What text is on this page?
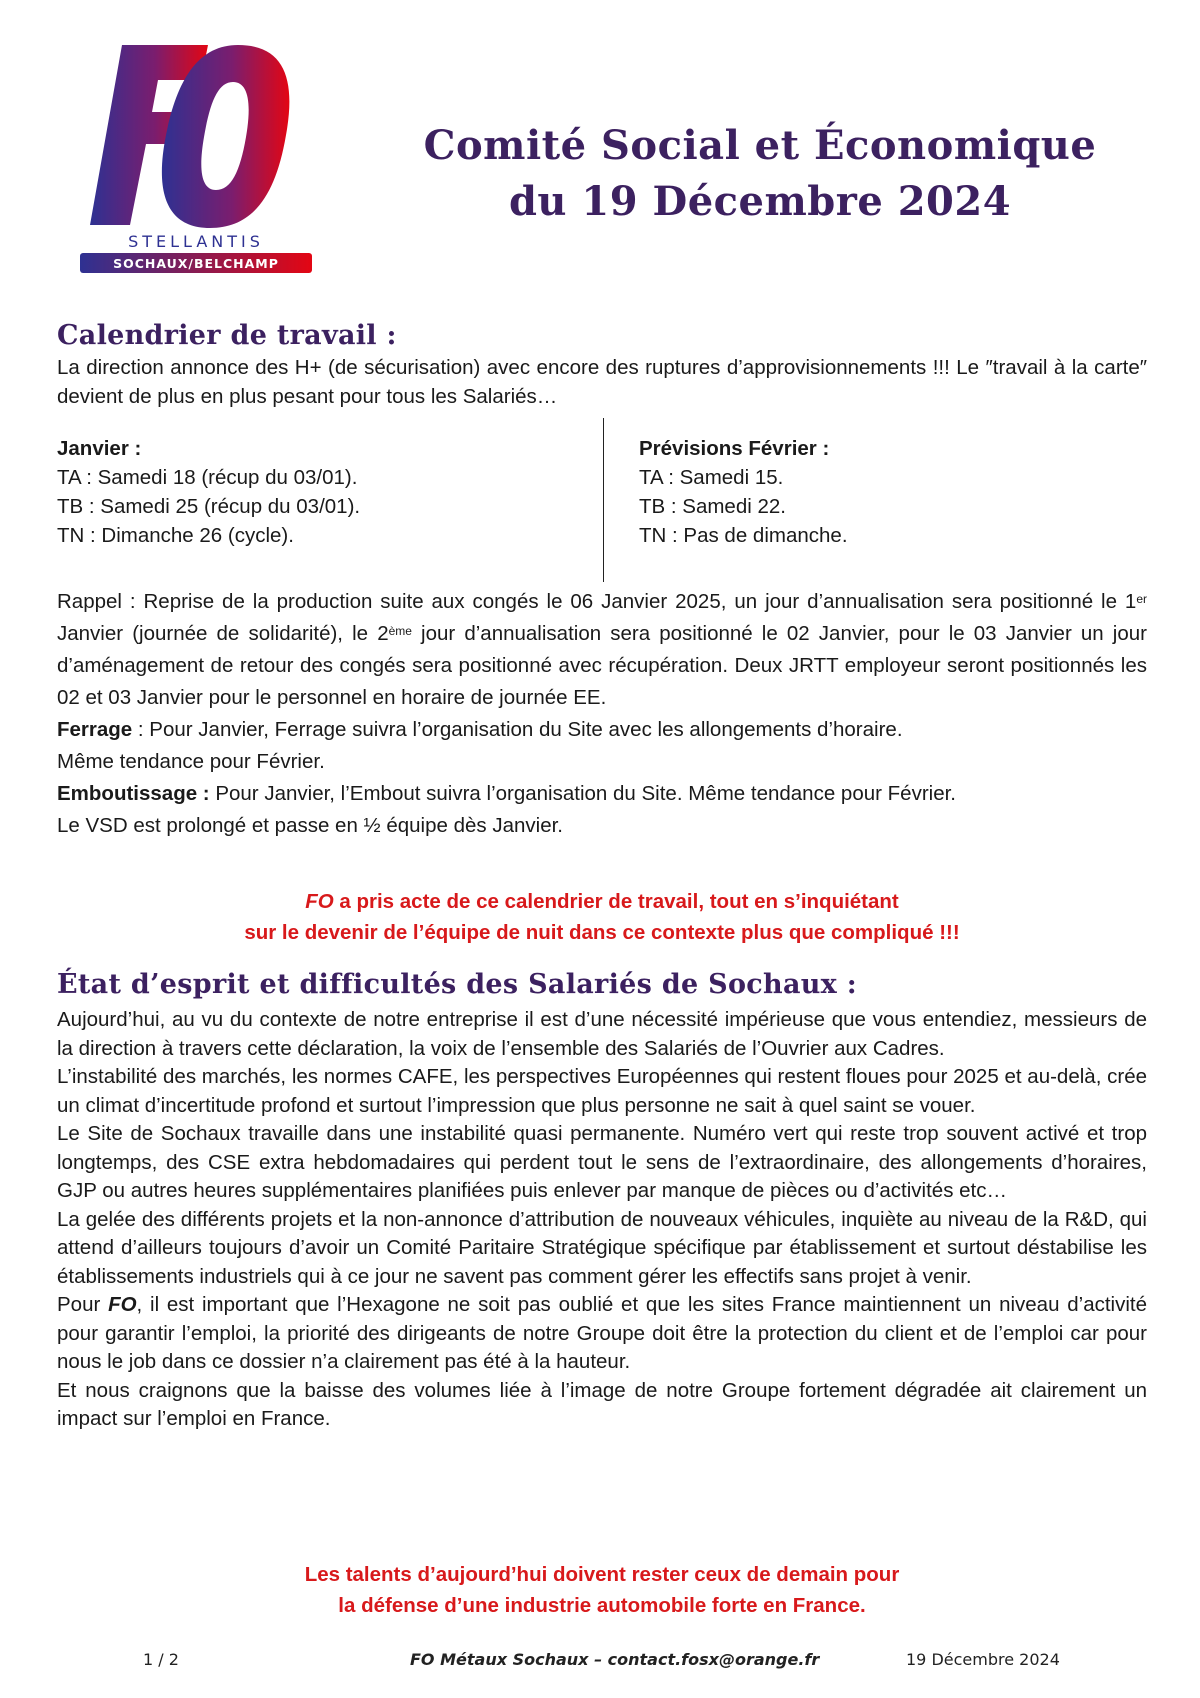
STELLANTIS
SOCHAUX/BELCHAMP
Comité Social et Économique
du 19 Décembre 2024
Calendrier de travail :

La direction annonce des H+ (de sécurisation) avec encore des ruptures d’approvisionnements !!! Le ″travail à la carte″ devient de plus en plus pesant pour tous les Salariés…

Janvier :
TA : Samedi 18 (récup du 03/01).
TB : Samedi 25 (récup du 03/01).
TN : Dimanche 26 (cycle).
Prévisions Février :
TA : Samedi 15.
TB : Samedi 22.
TN : Pas de dimanche.

Rappel : Reprise de la production suite aux congés le 06 Janvier 2025, un jour d’annualisation sera positionné le 1er Janvier (journée de solidarité), le 2ème jour d’annualisation sera positionné le 02 Janvier, pour le 03 Janvier un jour d’aménagement de retour des congés sera positionné avec récupération. Deux JRTT employeur seront positionnés les 02 et 03 Janvier pour le personnel en horaire de journée EE.

Ferrage : Pour Janvier, Ferrage suivra l’organisation du Site avec les allongements d’horaire.

Même tendance pour Février.

Emboutissage : Pour Janvier, l’Embout suivra l’organisation du Site. Même tendance pour Février.

Le VSD est prolongé et passe en ½ équipe dès Janvier.

FO a pris acte de ce calendrier de travail, tout en s’inquiétant

sur le devenir de l’équipe de nuit dans ce contexte plus que compliqué !!!

État d’esprit et difficultés des Salariés de Sochaux :

Aujourd’hui, au vu du contexte de notre entreprise il est d’une nécessité impérieuse que vous entendiez, messieurs de la direction à travers cette déclaration, la voix de l’ensemble des Salariés de l’Ouvrier aux Cadres.

L’instabilité des marchés, les normes CAFE, les perspectives Européennes qui restent floues pour 2025 et au-delà, crée un climat d’incertitude profond et surtout l’impression que plus personne ne sait à quel saint se vouer.

Le Site de Sochaux travaille dans une instabilité quasi permanente. Numéro vert qui reste trop souvent activé et trop longtemps, des CSE extra hebdomadaires qui perdent tout le sens de l’extraordinaire, des allongements d’horaires, GJP ou autres heures supplémentaires planifiées puis enlever par manque de pièces ou d’activités etc…

La gelée des différents projets et la non-annonce d’attribution de nouveaux véhicules, inquiète au niveau de la R&D, qui attend d’ailleurs toujours d’avoir un Comité Paritaire Stratégique spécifique par établissement et surtout déstabilise les établissements industriels qui à ce jour ne savent pas comment gérer les effectifs sans projet à venir.

Pour FO, il est important que l’Hexagone ne soit pas oublié et que les sites France maintiennent un niveau d’activité pour garantir l’emploi, la priorité des dirigeants de notre Groupe doit être la protection du client et de l’emploi car pour nous le job dans ce dossier n’a clairement pas été à la hauteur.

Et nous craignons que la baisse des volumes liée à l’image de notre Groupe fortement dégradée ait clairement un impact sur l’emploi en France.

Les talents d’aujourd’hui doivent rester ceux de demain pour

la défense d’une industrie automobile forte en France.

1 / 2	FO Métaux Sochaux – contact.fosx@orange.fr	19 Décembre 2024
